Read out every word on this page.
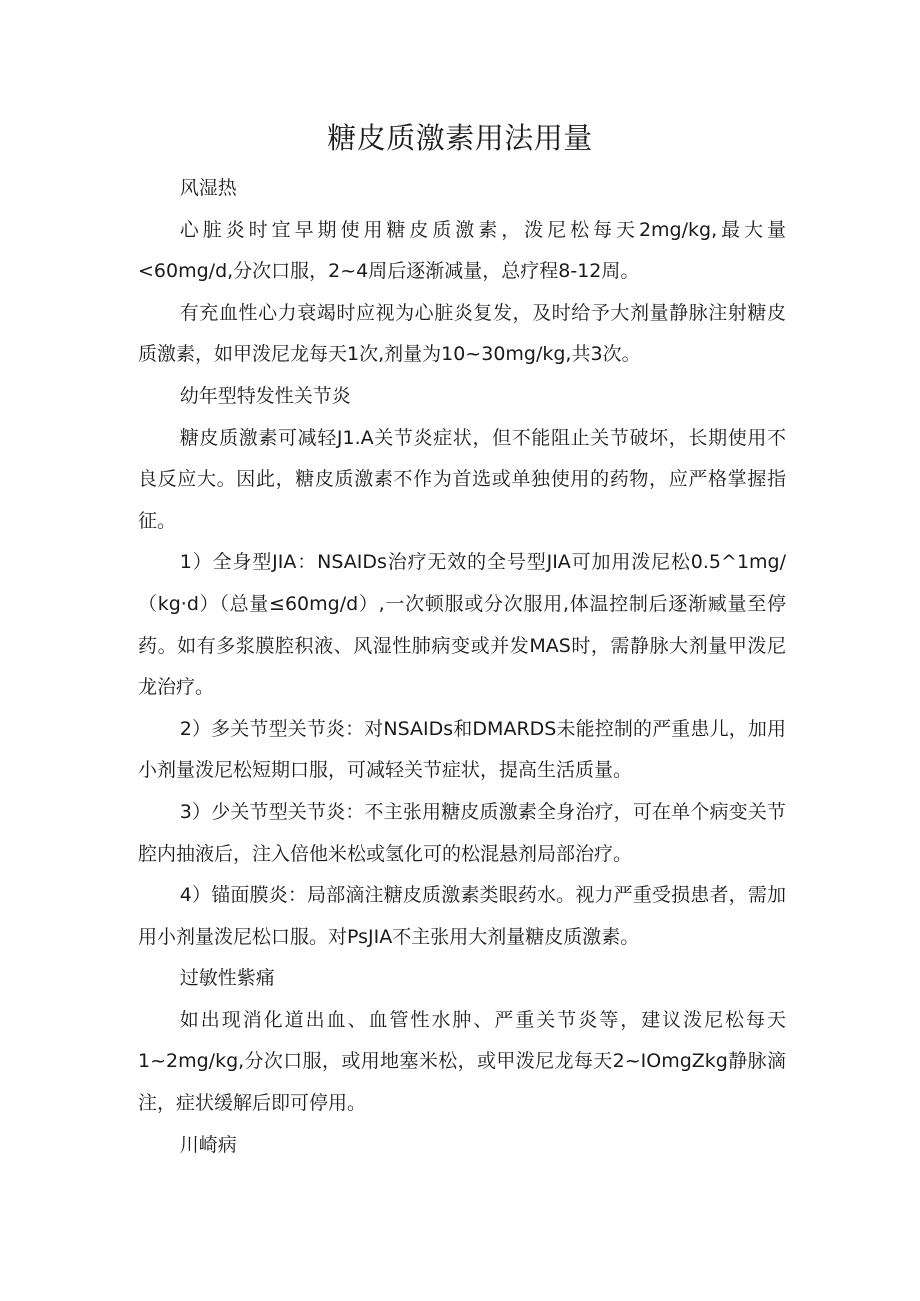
糖皮质激素用法用量

风湿热

心脏炎时宜早期使用糖皮质激素，泼尼松每天2mg/kg,最大量<60mg/d,分次口服，2~4周后逐渐减量，总疗程8-12周。

有充血性心力衰竭时应视为心脏炎复发，及时给予大剂量静脉注射糖皮质激素，如甲泼尼龙每天1次,剂量为10~30mg/kg,共3次。

幼年型特发性关节炎

糖皮质激素可减轻J1.A关节炎症状，但不能阻止关节破坏，长期使用不良反应大。因此，糖皮质激素不作为首选或单独使用的药物，应严格掌握指征。

1）全身型JIA：NSAIDs治疗无效的全号型JIA可加用泼尼松0.5^1mg/（kg·d）（总量≤60mg/d）,一次顿服或分次服用,体温控制后逐渐臧量至停药。如有多浆膜腔积液、风湿性肺病变或并发MAS时，需静脉大剂量甲泼尼龙治疗。

2）多关节型关节炎：对NSAIDs和DMARDS未能控制的严重患儿，加用小剂量泼尼松短期口服，可减轻关节症状，提高生活质量。

3）少关节型关节炎：不主张用糖皮质激素全身治疗，可在单个病变关节腔内抽液后，注入倍他米松或氢化可的松混悬剂局部治疗。

4）锚面膜炎：局部滴注糖皮质激素类眼药水。视力严重受损患者，需加用小剂量泼尼松口服。对PsJIA不主张用大剂量糖皮质激素。

过敏性紫痛

如出现消化道出血、血管性水肿、严重关节炎等，建议泼尼松每天1~2mg/kg,分次口服，或用地塞米松，或甲泼尼龙每天2~IOmgZkg静脉滴注，症状缓解后即可停用。

川崎病
